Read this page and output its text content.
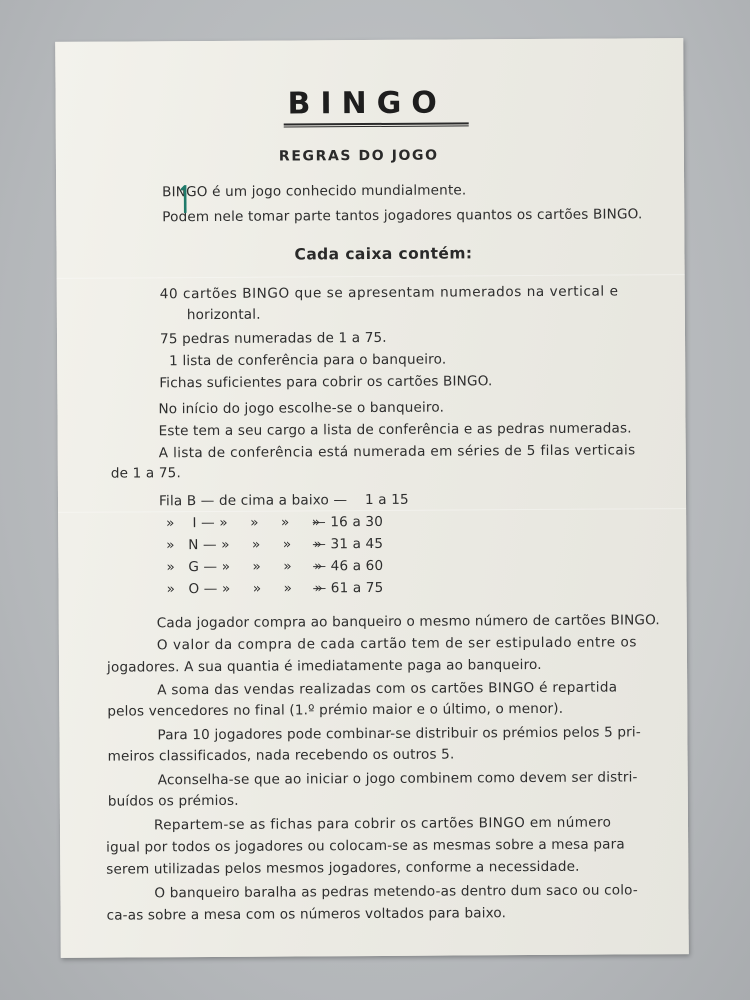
BINGO
REGRAS DO JOGO
BINGO é um jogo conhecido mundialmente.
Podem nele tomar parte tantos jogadores quantos os cartões BINGO.
Cada caixa contém:
40 cartões BINGO que se apresentam numerados na vertical e
horizontal.
75 pedras numeradas de 1 a 75.
1 lista de conferência para o banqueiro.
Fichas suficientes para cobrir os cartões BINGO.
No início do jogo escolhe-se o banqueiro.
Este tem a seu cargo a lista de conferência e as pedras numeradas.
A lista de conferência está numerada em séries de 5 filas verticais
de 1 a 75.
Fila B — de cima a baixo — 1 a 15
»    I — »     »     »     »
— 16 a 30
»   N — »     »     »     »
— 31 a 45
»   G — »     »     »     »
— 46 a 60
»   O — »     »     »     »
— 61 a 75
Cada jogador compra ao banqueiro o mesmo número de cartões BINGO.
O valor da compra de cada cartão tem de ser estipulado entre os
jogadores. A sua quantia é imediatamente paga ao banqueiro.
A soma das vendas realizadas com os cartões BINGO é repartida
pelos vencedores no final (1.º prémio maior e o último, o menor).
Para 10 jogadores pode combinar-se distribuir os prémios pelos 5 pri-
meiros classificados, nada recebendo os outros 5.
Aconselha-se que ao iniciar o jogo combinem como devem ser distri-
buídos os prémios.
Repartem-se as fichas para cobrir os cartões BINGO em número
igual por todos os jogadores ou colocam-se as mesmas sobre a mesa para
serem utilizadas pelos mesmos jogadores, conforme a necessidade.
O banqueiro baralha as pedras metendo-as dentro dum saco ou colo-
ca-as sobre a mesa com os números voltados para baixo.
